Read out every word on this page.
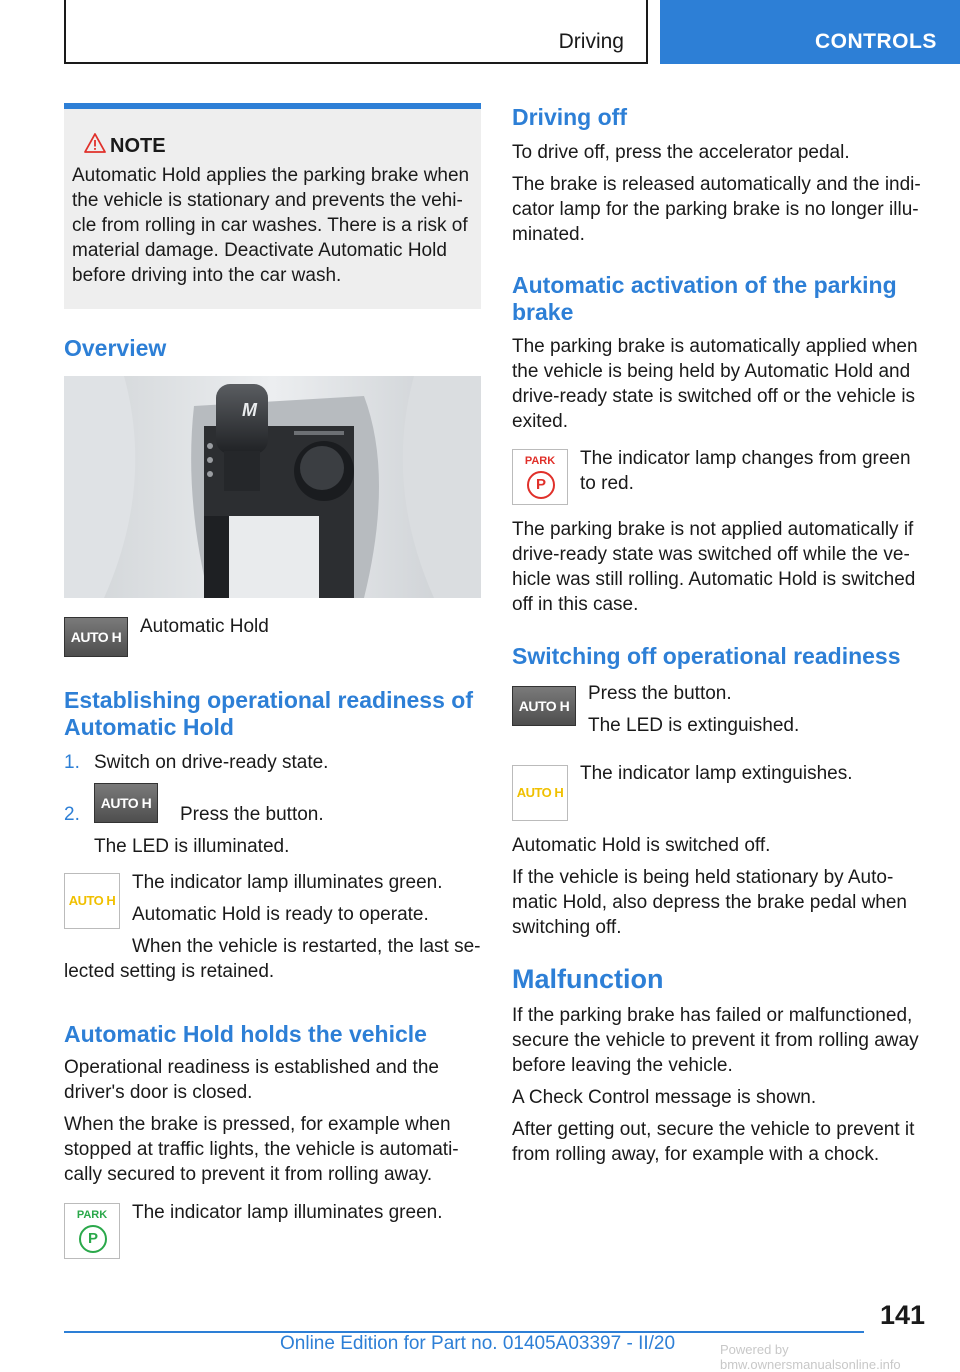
Driving	CONTROLS
NOTE
Automatic Hold applies the parking brake when the vehicle is stationary and prevents the vehi-cle from rolling in car washes. There is a risk of material damage. Deactivate Automatic Hold before driving into the car wash.
Overview
M
AUTO H Automatic Hold
Establishing operational readiness of Automatic Hold
1. Switch on drive-ready state.
2.
AUTO H
Press the button.
The LED is illuminated.
AUTO H
The indicator lamp illuminates green.
Automatic Hold is ready to operate.
When the vehicle is restarted, the last se-
lected setting is retained.
Automatic Hold holds the vehicle
Operational readiness is established and the driver's door is closed.
When the brake is pressed, for example when stopped at traffic lights, the vehicle is automati-cally secured to prevent it from rolling away.
PARK
P
The indicator lamp illuminates green.
Driving off
To drive off, press the accelerator pedal.
The brake is released automatically and the indi-cator lamp for the parking brake is no longer illu-minated.
Automatic activation of the parking brake
The parking brake is automatically applied when the vehicle is being held by Automatic Hold and drive-ready state is switched off or the vehicle is exited.
PARK
P
The indicator lamp changes from green to red.
The parking brake is not applied automatically if drive-ready state was switched off while the ve-hicle was still rolling. Automatic Hold is switched off in this case.
Switching off operational readiness
AUTO H
Press the button.
The LED is extinguished.
AUTO H
The indicator lamp extinguishes.
Automatic Hold is switched off.
If the vehicle is being held stationary by Auto-matic Hold, also depress the brake pedal when switching off.
Malfunction
If the parking brake has failed or malfunctioned, secure the vehicle to prevent it from rolling away before leaving the vehicle.
A Check Control message is shown.
After getting out, secure the vehicle to prevent it from rolling away, for example with a chock.
141
Online Edition for Part no. 01405A03397 - II/20	Powered by bmw.ownersmanualsonline.info
